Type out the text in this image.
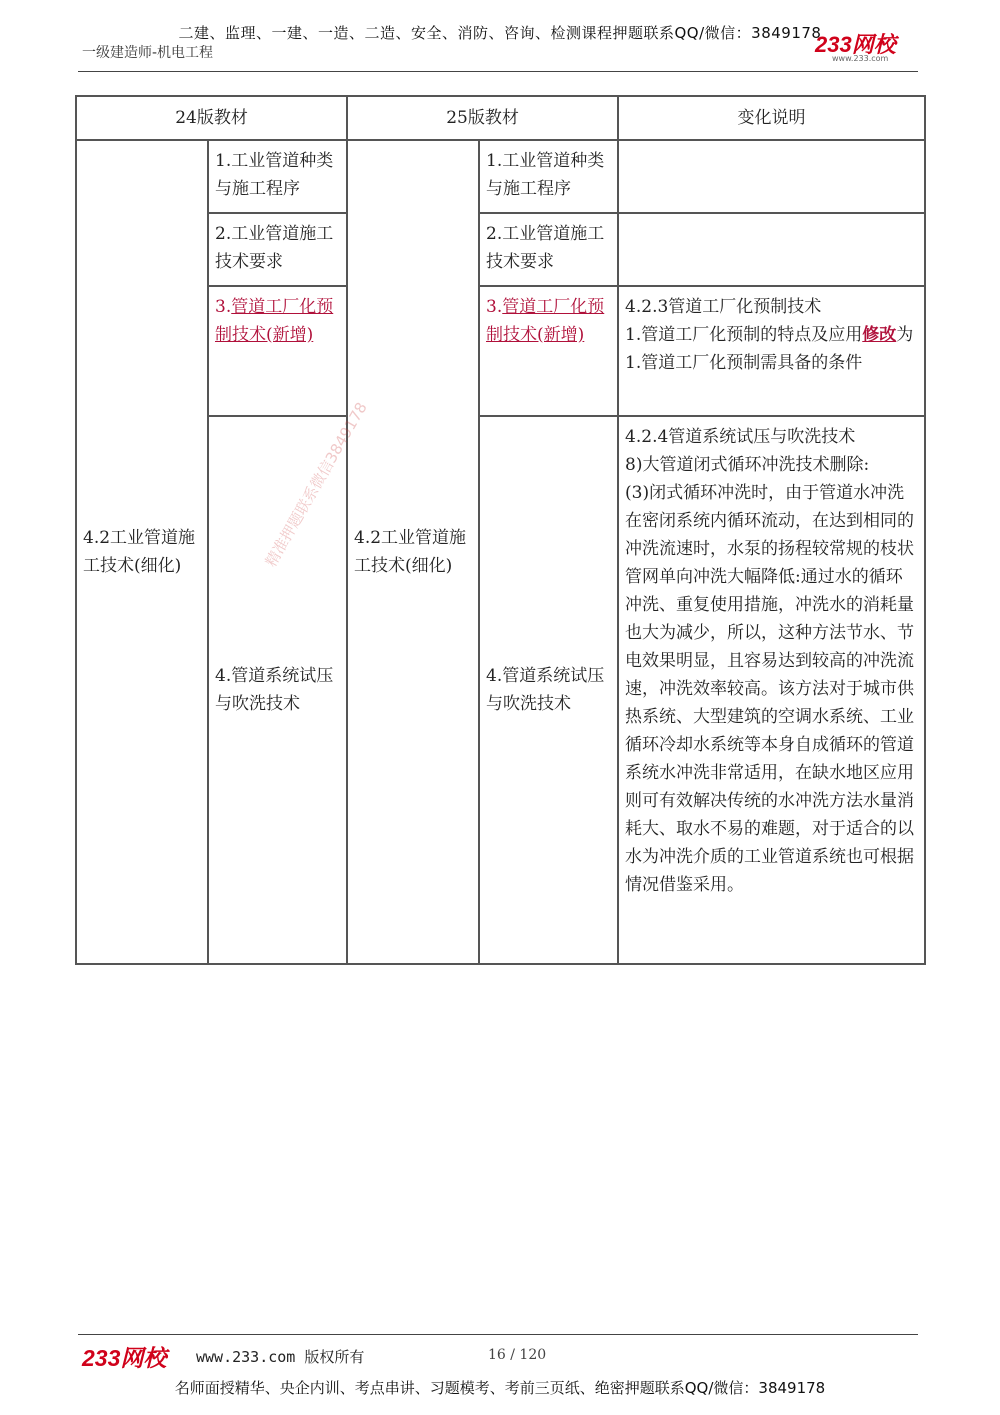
二建、监理、一建、一造、二造、安全、消防、咨询、检测课程押题联系QQ/微信：3849178
一级建造师-机电工程	233网校
www.233.com
24版教材		25版教材		变化说明
4.2工业管道施工技术(细化)	1.工业管道种类与施工程序	4.2工业管道施工技术(细化)	1.工业管道种类与施工程序	
	2.工业管道施工技术要求		2.工业管道施工技术要求	
	3.管道工厂化预制技术(新增)		3.管道工厂化预制技术(新增)	4.2.3管道工厂化预制技术
1.管道工厂化预制的特点及应用修改为1.管道工厂化预制需具备的条件

	4.管道系统试压与吹洗技术		4.管道系统试压与吹洗技术	4.2.4管道系统试压与吹洗技术
8)大管道闭式循环冲洗技术删除:
(3)闭式循环冲洗时，由于管道水冲洗在密闭系统内循环流动，在达到相同的冲洗流速时，水泵的扬程较常规的枝状管网单向冲洗大幅降低:通过水的循环冲洗、重复使用措施，冲洗水的消耗量也大为减少，所以，这种方法节水、节电效果明显，且容易达到较高的冲洗流速，冲洗效率较高。该方法对于城市供热系统、大型建筑的空调水系统、工业循环冷却水系统等本身自成循环的管道系统水冲洗非常适用，在缺水地区应用则可有效解决传统的水冲洗方法水量消耗大、取水不易的难题，对于适合的以水为冲洗介质的工业管道系统也可根据情况借鉴采用。
精准押题联系微信3849178
233网校 www.233.com 版权所有	16 / 120
名师面授精华、央企内训、考点串讲、习题模考、考前三页纸、绝密押题联系QQ/微信：3849178
